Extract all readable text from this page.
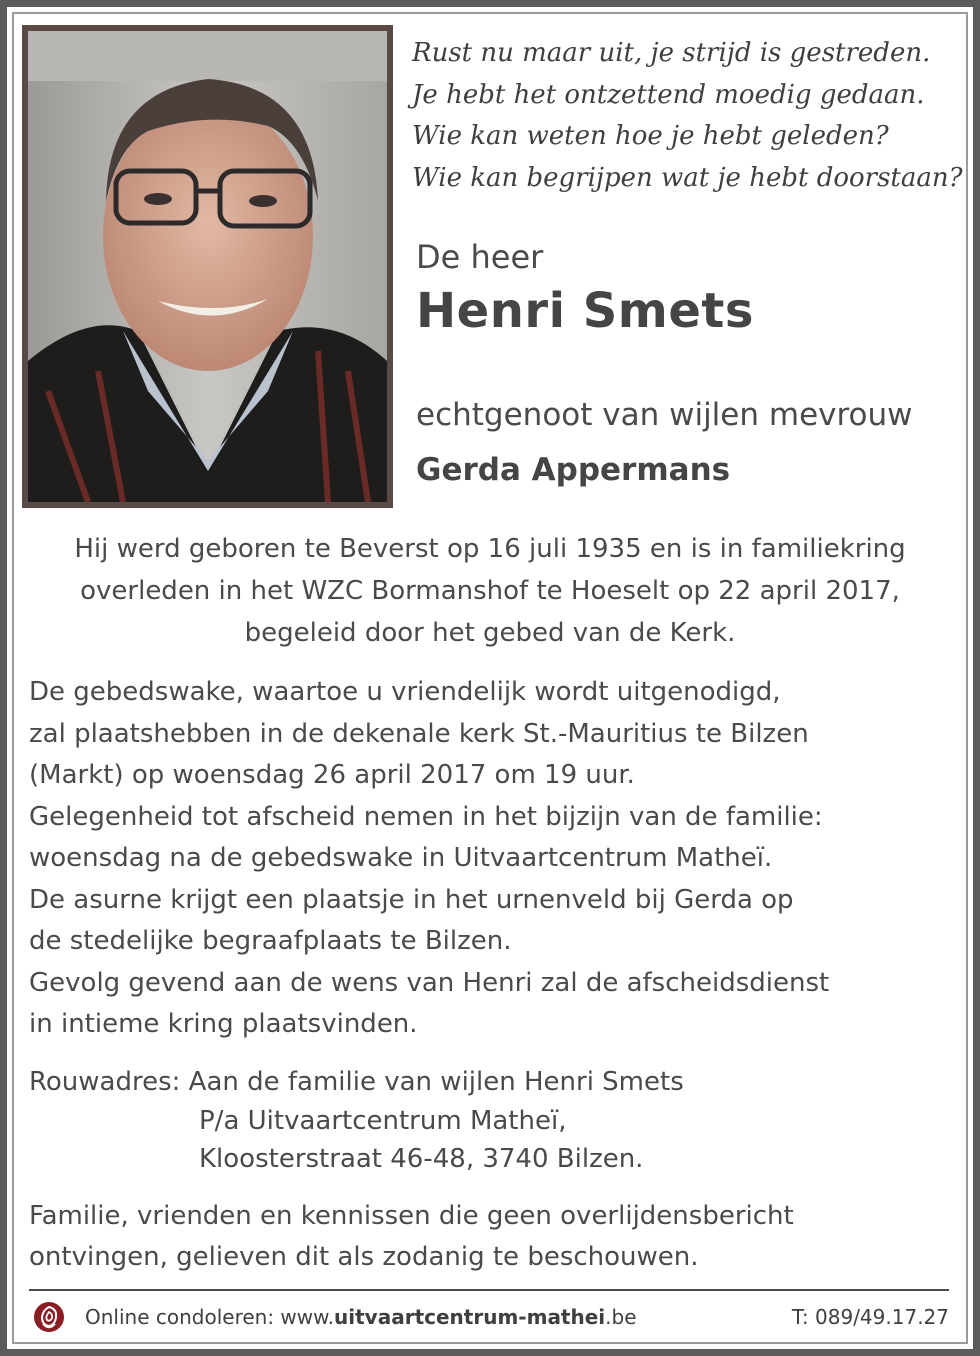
Rust nu maar uit, je strijd is gestreden.
Je hebt het ontzettend moedig gedaan.
Wie kan weten hoe je hebt geleden?
Wie kan begrijpen wat je hebt doorstaan?
De heer
Henri Smets
echtgenoot van wijlen mevrouw
Gerda Appermans
Hij werd geboren te Beverst op 16 juli 1935 en is in familiekring
overleden in het WZC Bormanshof te Hoeselt op 22 april 2017,
begeleid door het gebed van de Kerk.
De gebedswake, waartoe u vriendelijk wordt uitgenodigd,
zal plaatshebben in de dekenale kerk St.-Mauritius te Bilzen
(Markt) op woensdag 26 april 2017 om 19 uur.
Gelegenheid tot afscheid nemen in het bijzijn van de familie:
woensdag na de gebedswake in Uitvaartcentrum Matheï.
De asurne krijgt een plaatsje in het urnenveld bij Gerda op
de stedelijke begraafplaats te Bilzen.
Gevolg gevend aan de wens van Henri zal de afscheidsdienst
in intieme kring plaatsvinden.
Rouwadres: Aan de familie van wijlen Henri Smets
P/a Uitvaartcentrum Matheï,
Kloosterstraat 46-48, 3740 Bilzen.
Familie, vrienden en kennissen die geen overlijdensbericht
ontvingen, gelieven dit als zodanig te beschouwen.
Online condoleren: www.uitvaartcentrum-mathei.be	T: 089/49.17.27
